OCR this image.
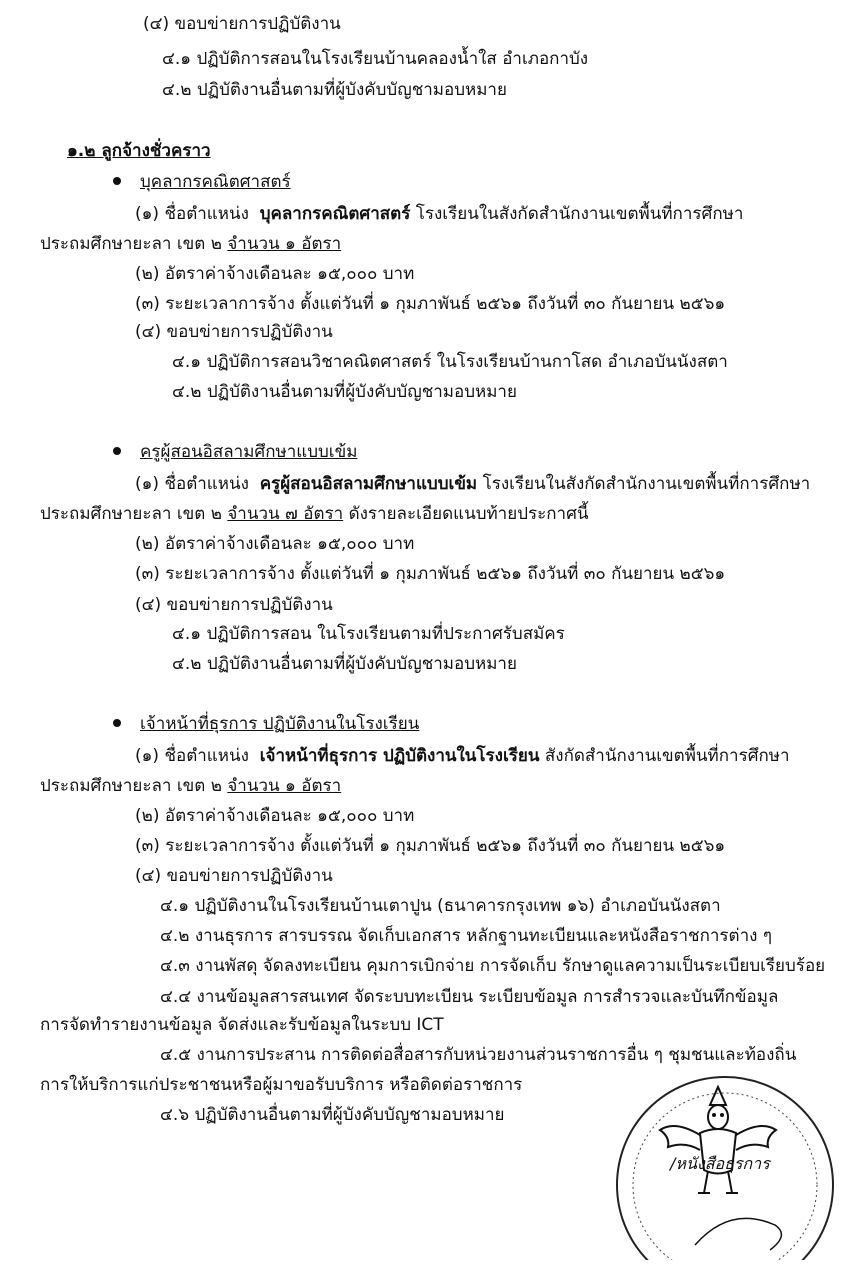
(๔) ขอบข่ายการปฏิบัติงาน
๔.๑ ปฏิบัติการสอนในโรงเรียนบ้านคลองน้ำใส อำเภอกาบัง
๔.๒ ปฏิบัติงานอื่นตามที่ผู้บังคับบัญชามอบหมาย
๑.๒ ลูกจ้างชั่วคราว
บุคลากรคณิตศาสตร์
(๑) ชื่อตำแหน่ง บุคลากรคณิตศาสตร์ โรงเรียนในสังกัดสำนักงานเขตพื้นที่การศึกษา
ประถมศึกษายะลา เขต ๒ จำนวน ๑ อัตรา
(๒) อัตราค่าจ้างเดือนละ ๑๕,๐๐๐ บาท
(๓) ระยะเวลาการจ้าง ตั้งแต่วันที่ ๑ กุมภาพันธ์ ๒๕๖๑ ถึงวันที่ ๓๐ กันยายน ๒๕๖๑
(๔) ขอบข่ายการปฏิบัติงาน
๔.๑ ปฏิบัติการสอนวิชาคณิตศาสตร์ ในโรงเรียนบ้านกาโสด อำเภอบันนังสตา
๔.๒ ปฏิบัติงานอื่นตามที่ผู้บังคับบัญชามอบหมาย
ครูผู้สอนอิสลามศึกษาแบบเข้ม
(๑) ชื่อตำแหน่ง ครูผู้สอนอิสลามศึกษาแบบเข้ม โรงเรียนในสังกัดสำนักงานเขตพื้นที่การศึกษา
ประถมศึกษายะลา เขต ๒ จำนวน ๗ อัตรา ดังรายละเอียดแนบท้ายประกาศนี้
(๒) อัตราค่าจ้างเดือนละ ๑๕,๐๐๐ บาท
(๓) ระยะเวลาการจ้าง ตั้งแต่วันที่ ๑ กุมภาพันธ์ ๒๕๖๑ ถึงวันที่ ๓๐ กันยายน ๒๕๖๑
(๔) ขอบข่ายการปฏิบัติงาน
๔.๑ ปฏิบัติการสอน ในโรงเรียนตามที่ประกาศรับสมัคร
๔.๒ ปฏิบัติงานอื่นตามที่ผู้บังคับบัญชามอบหมาย
เจ้าหน้าที่ธุรการ ปฏิบัติงานในโรงเรียน
(๑) ชื่อตำแหน่ง เจ้าหน้าที่ธุรการ ปฏิบัติงานในโรงเรียน สังกัดสำนักงานเขตพื้นที่การศึกษา
ประถมศึกษายะลา เขต ๒ จำนวน ๑ อัตรา
(๒) อัตราค่าจ้างเดือนละ ๑๕,๐๐๐ บาท
(๓) ระยะเวลาการจ้าง ตั้งแต่วันที่ ๑ กุมภาพันธ์ ๒๕๖๑ ถึงวันที่ ๓๐ กันยายน ๒๕๖๑
(๔) ขอบข่ายการปฏิบัติงาน
๔.๑ ปฏิบัติงานในโรงเรียนบ้านเตาปูน (ธนาคารกรุงเทพ ๑๖) อำเภอบันนังสตา
๔.๒ งานธุรการ สารบรรณ จัดเก็บเอกสาร หลักฐานทะเบียนและหนังสือราชการต่าง ๆ
๔.๓ งานพัสดุ จัดลงทะเบียน คุมการเบิกจ่าย การจัดเก็บ รักษาดูแลความเป็นระเบียบเรียบร้อย
๔.๔ งานข้อมูลสารสนเทศ จัดระบบทะเบียน ระเบียบข้อมูล การสำรวจและบันทึกข้อมูล
การจัดทำรายงานข้อมูล จัดส่งและรับข้อมูลในระบบ ICT
๔.๕ งานการประสาน การติดต่อสื่อสารกับหน่วยงานส่วนราชการอื่น ๆ ชุมชนและท้องถิ่น
การให้บริการแก่ประชาชนหรือผู้มาขอรับบริการ หรือติดต่อราชการ
๔.๖ ปฏิบัติงานอื่นตามที่ผู้บังคับบัญชามอบหมาย
/หนังสือธุรการ
